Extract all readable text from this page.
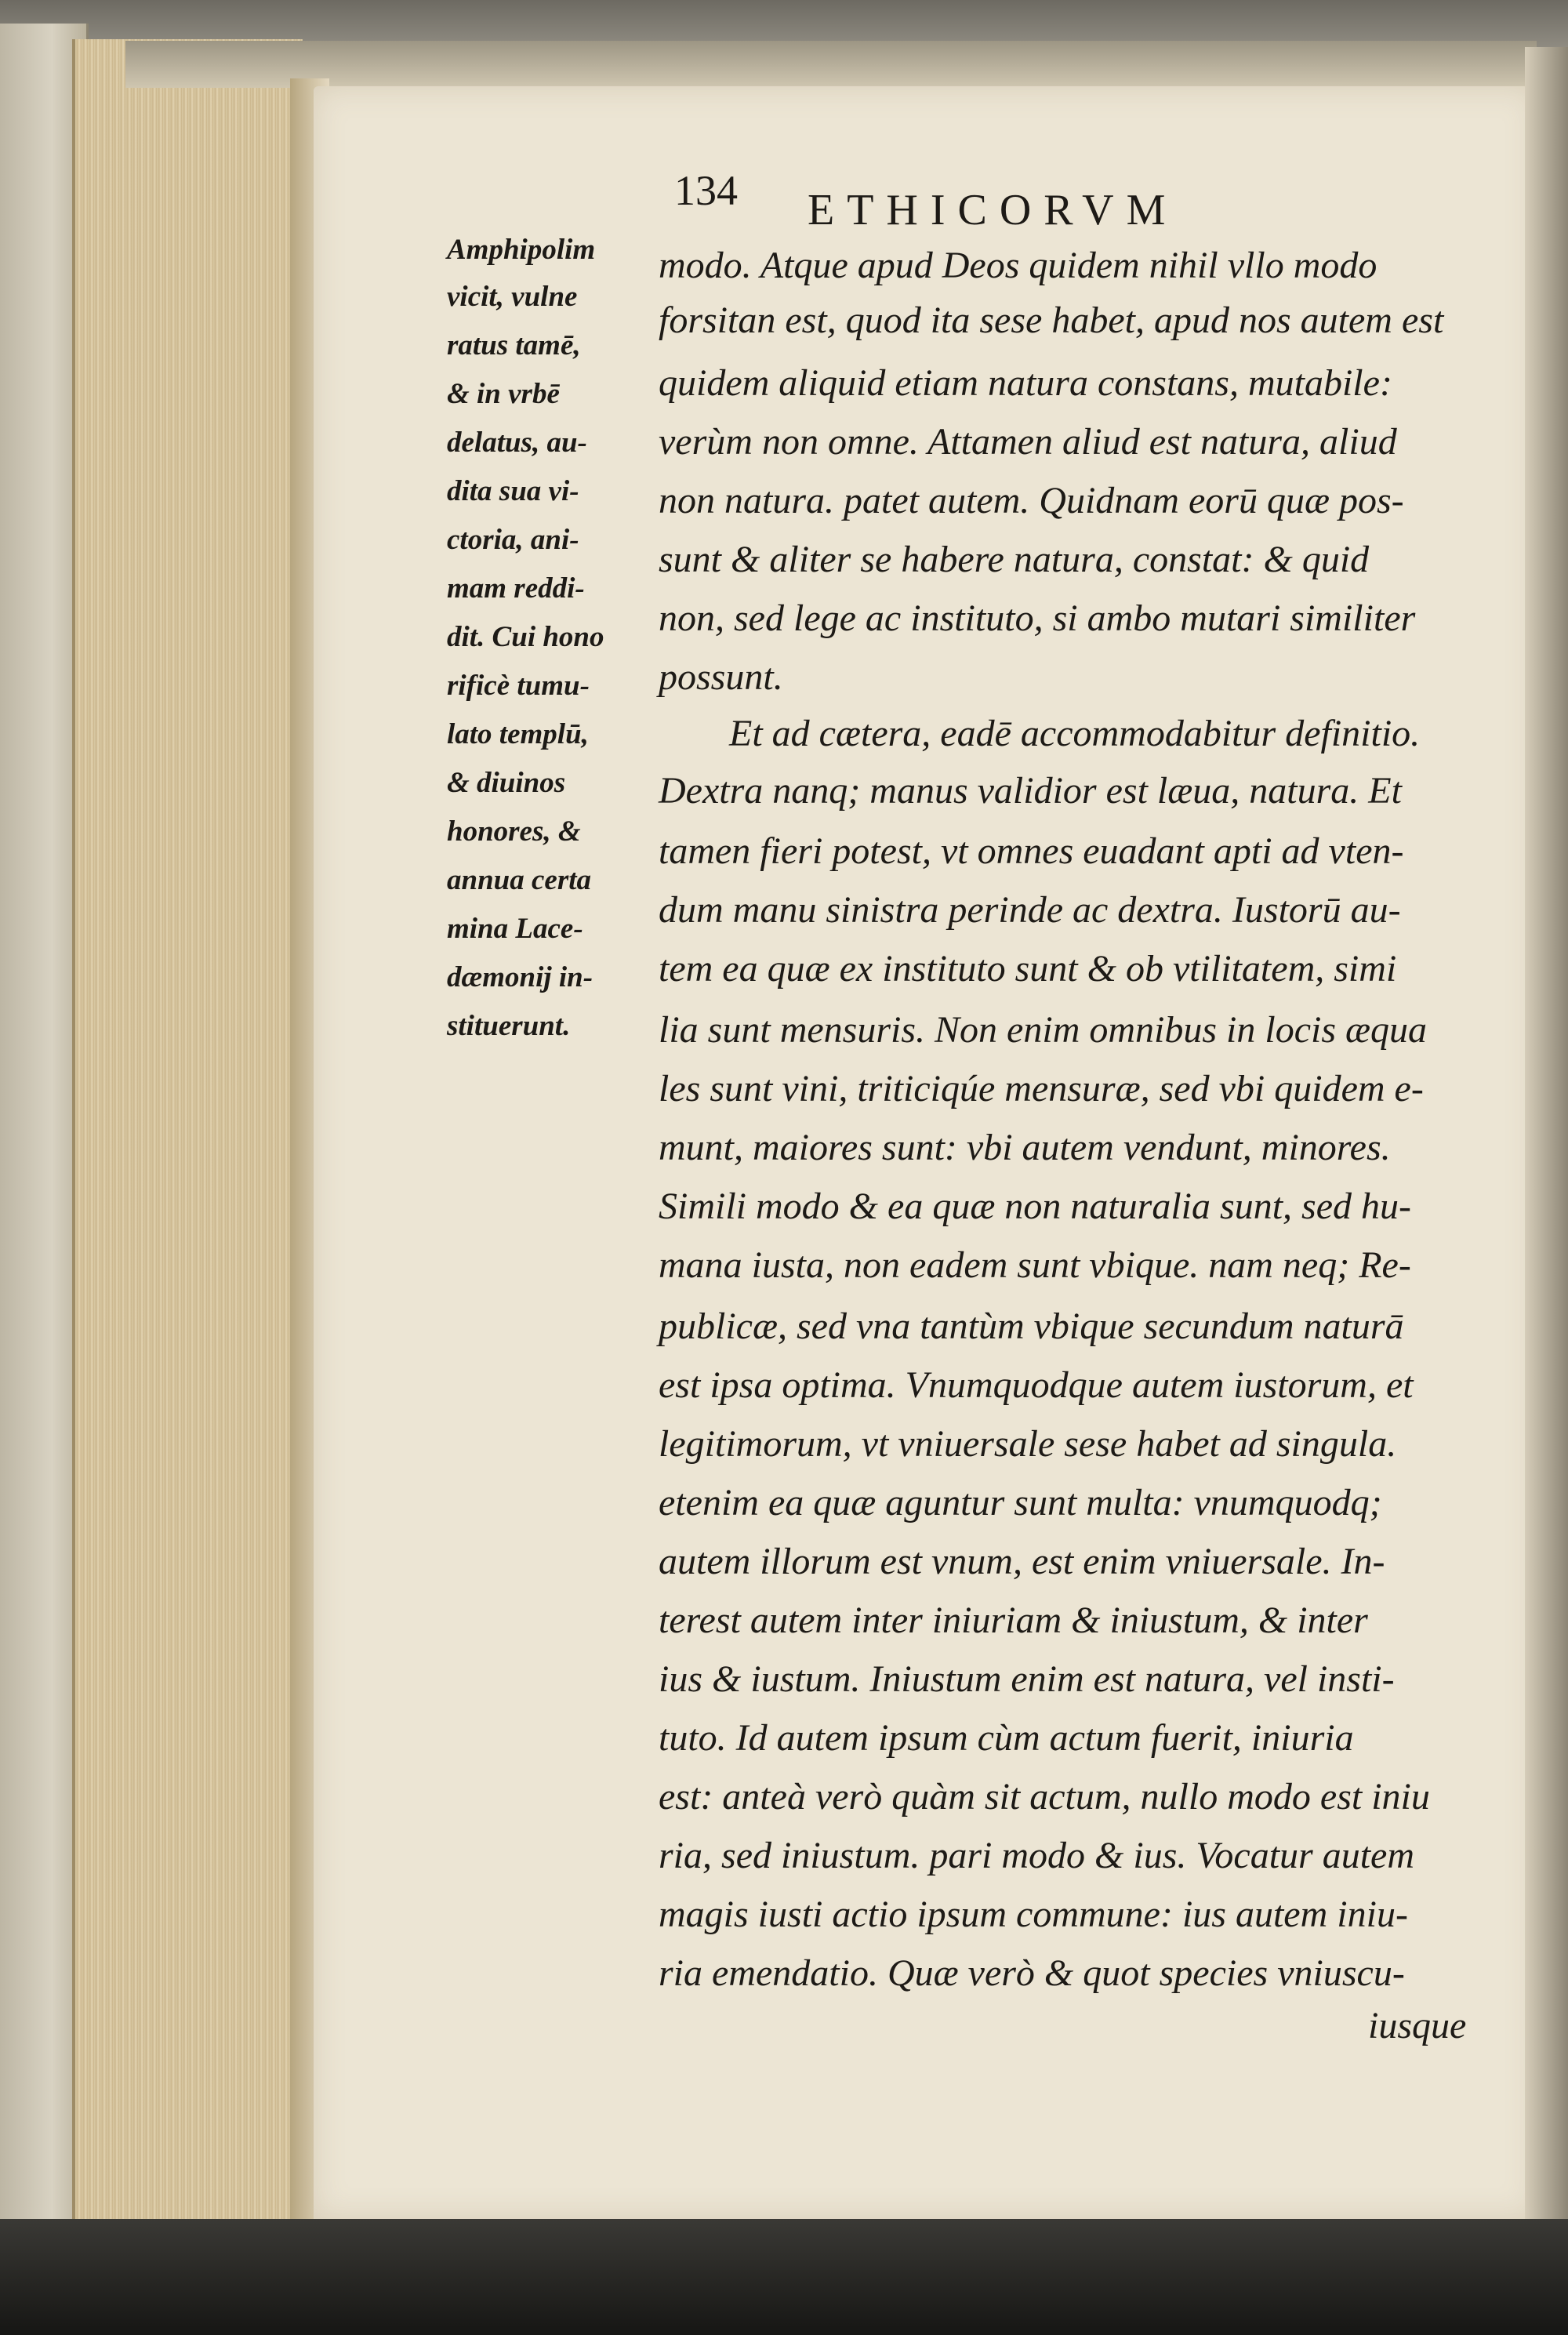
134 ETHICORVM
Amphipolim
vicit, vulne
ratus tamē,
& in vrbē
delatus, au-
dita sua vi-
ctoria, ani-
mam reddi-
dit. Cui hono
rificè tumu-
lato templū,
& diuinos
honores, &
annua certa
mina Lace-
dæmonij in-
stituerunt.
modo. Atque apud Deos quidem nihil vllo modo
forsitan est, quod ita sese habet, apud nos autem est
quidem aliquid etiam natura constans, mutabile:
verùm non omne. Attamen aliud est natura, aliud
non natura. patet autem. Quidnam eorū quæ pos-
sunt & aliter se habere natura, constat: & quid
non, sed lege ac instituto, si ambo mutari similiter
possunt.
Et ad cætera, eadē accommodabitur definitio.
Dextra nanq; manus validior est læua, natura. Et
tamen fieri potest, vt omnes euadant apti ad vten-
dum manu sinistra perinde ac dextra. Iustorū au-
tem ea quæ ex instituto sunt & ob vtilitatem, simi
lia sunt mensuris. Non enim omnibus in locis æqua
les sunt vini, triticiqúe mensuræ, sed vbi quidem e-
munt, maiores sunt: vbi autem vendunt, minores.
Simili modo & ea quæ non naturalia sunt, sed hu-
mana iusta, non eadem sunt vbique. nam neq; Re-
publicæ, sed vna tantùm vbique secundum naturā
est ipsa optima. Vnumquodque autem iustorum, et
legitimorum, vt vniuersale sese habet ad singula.
etenim ea quæ aguntur sunt multa: vnumquodq;
autem illorum est vnum, est enim vniuersale. In-
terest autem inter iniuriam & iniustum, & inter
ius & iustum. Iniustum enim est natura, vel insti-
tuto. Id autem ipsum cùm actum fuerit, iniuria
est: anteà verò quàm sit actum, nullo modo est iniu
ria, sed iniustum. pari modo & ius. Vocatur autem
magis iusti actio ipsum commune: ius autem iniu-
ria emendatio. Quæ verò & quot species vniuscu-
iusque
